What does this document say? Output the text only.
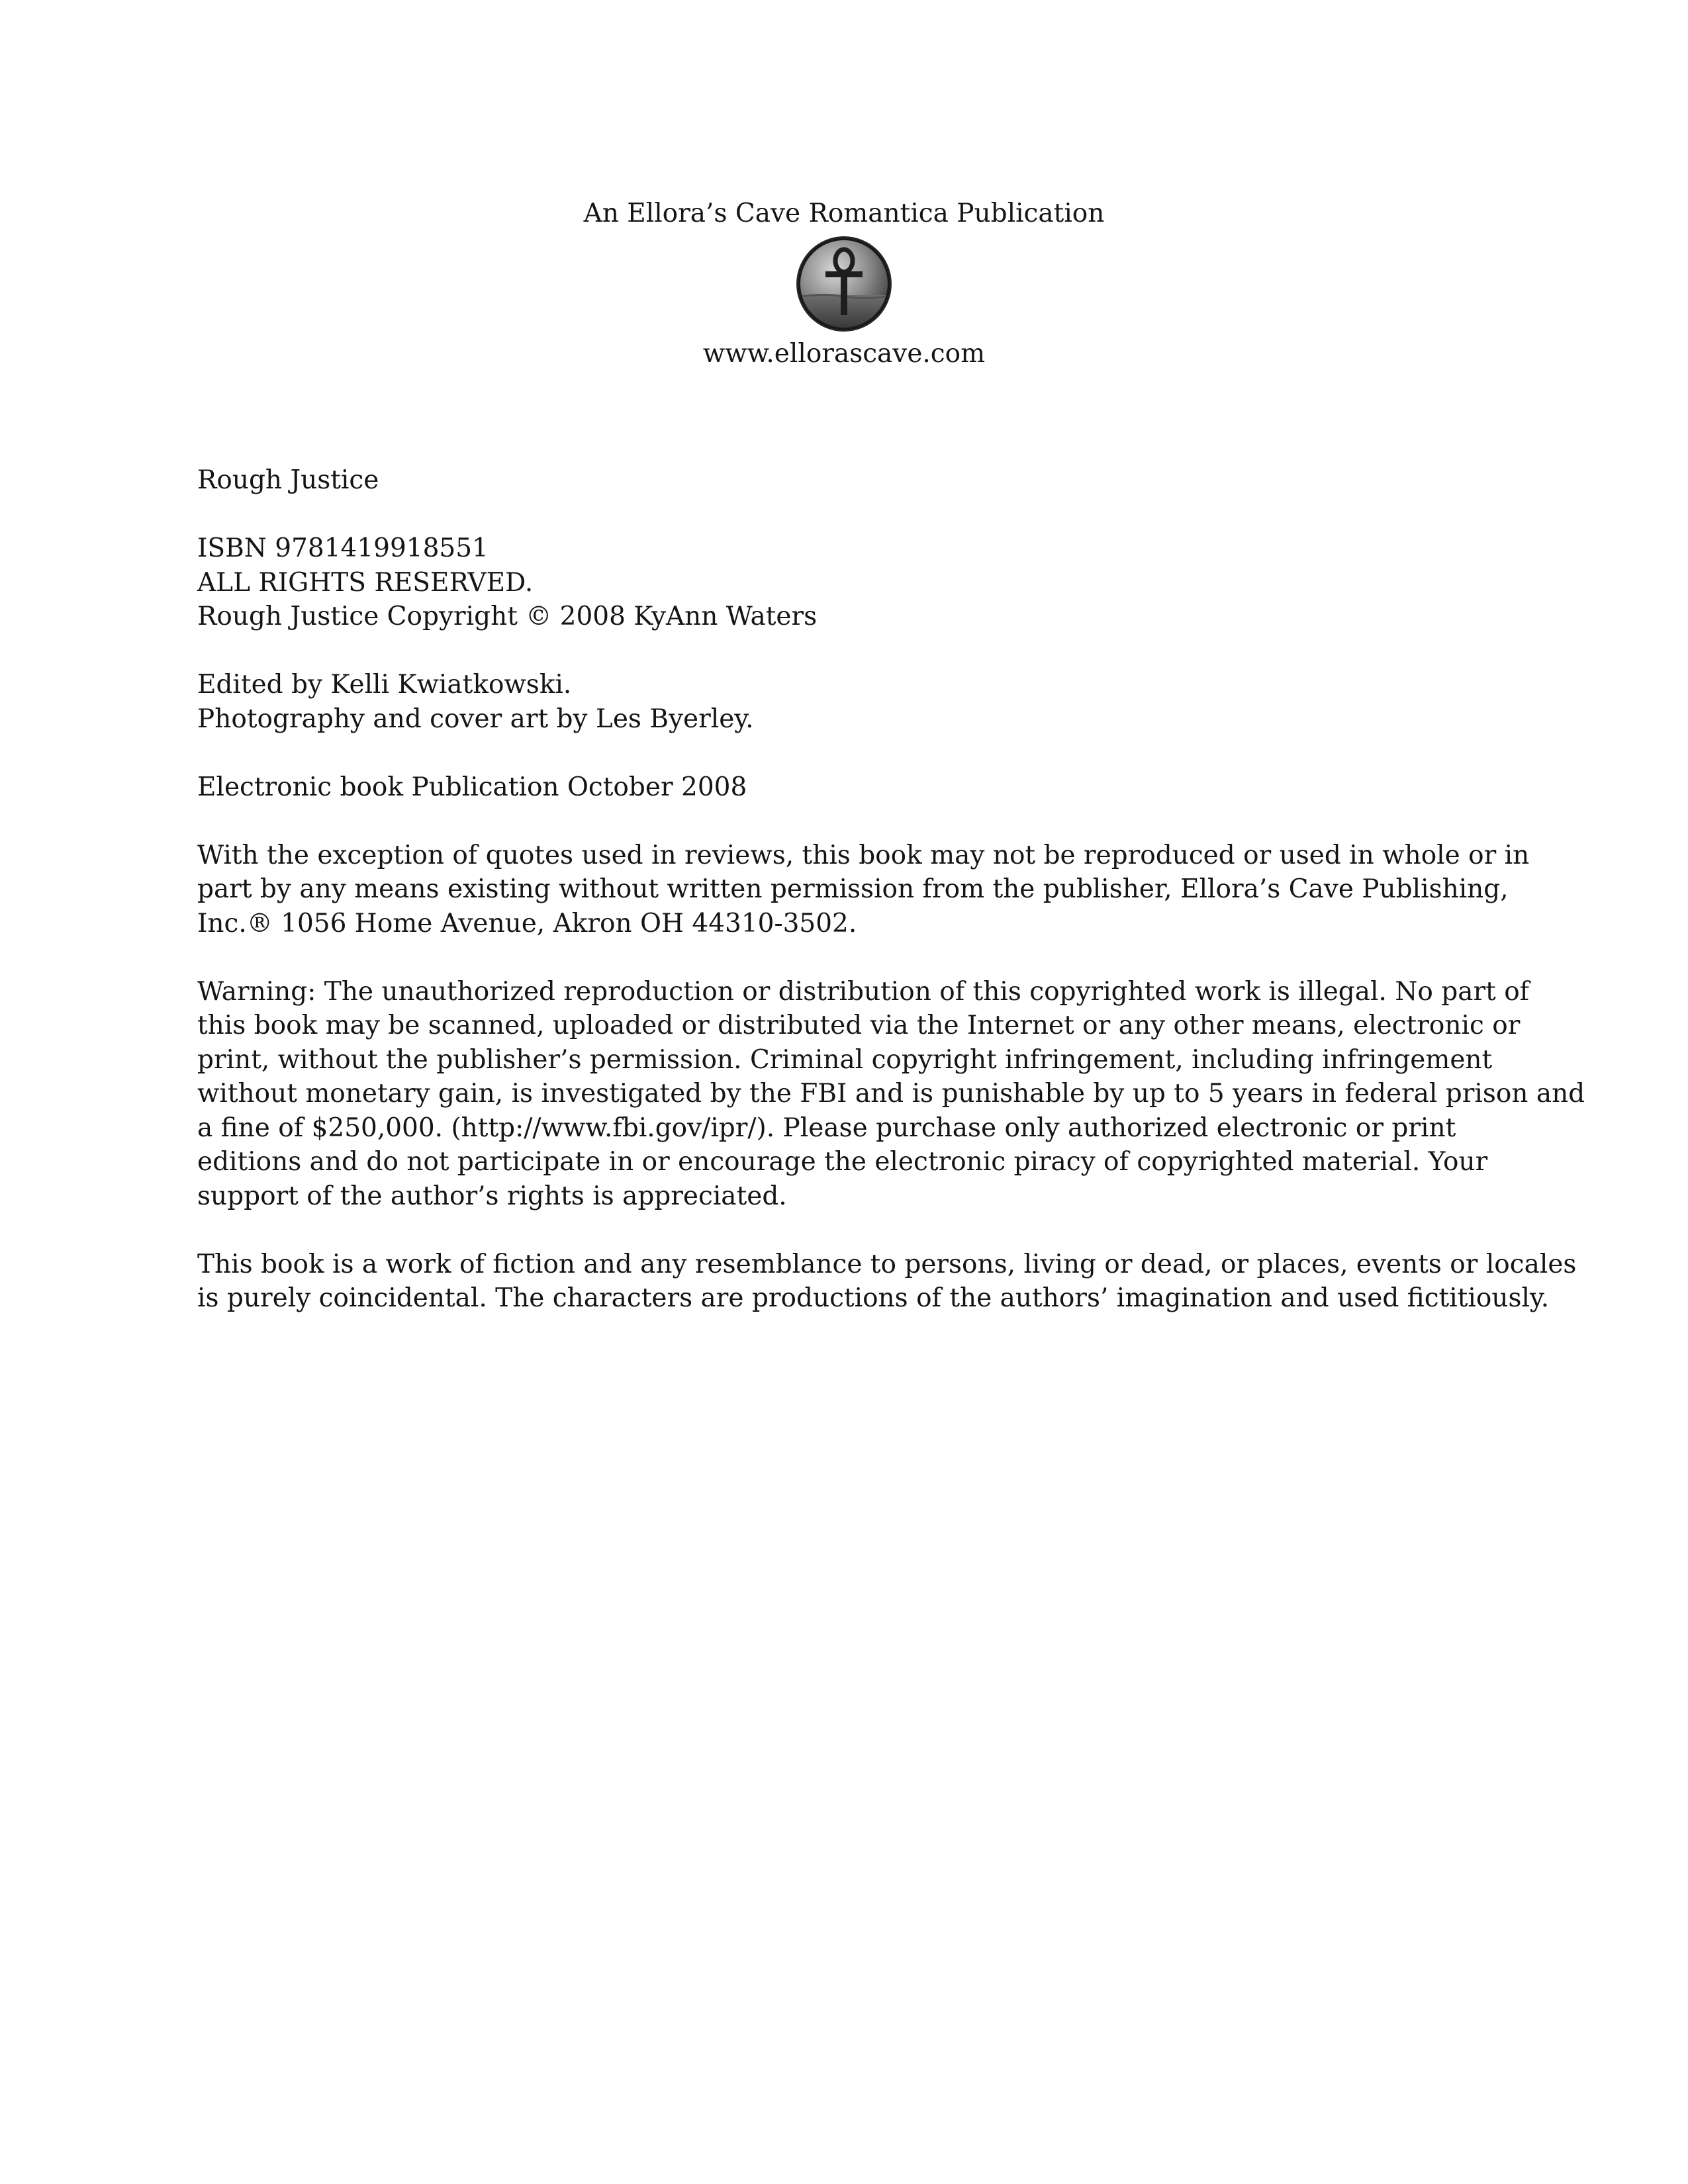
An Ellora’s Cave Romantica Publication
www.ellorascave.com

Rough Justice

ISBN 9781419918551
ALL RIGHTS RESERVED.
Rough Justice Copyright © 2008 KyAnn Waters

Edited by Kelli Kwiatkowski.
Photography and cover art by Les Byerley.

Electronic book Publication October 2008

With the exception of quotes used in reviews, this book may not be reproduced or used in whole or in
part by any means existing without written permission from the publisher, Ellora’s Cave Publishing,
Inc.® 1056 Home Avenue, Akron OH 44310-3502.

Warning: The unauthorized reproduction or distribution of this copyrighted work is illegal. No part of
this book may be scanned, uploaded or distributed via the Internet or any other means, electronic or
print, without the publisher’s permission. Criminal copyright infringement, including infringement
without monetary gain, is investigated by the FBI and is punishable by up to 5 years in federal prison and
a fine of $250,000. (http://www.fbi.gov/ipr/). Please purchase only authorized electronic or print
editions and do not participate in or encourage the electronic piracy of copyrighted material. Your
support of the author’s rights is appreciated.

This book is a work of fiction and any resemblance to persons, living or dead, or places, events or locales
is purely coincidental. The characters are productions of the authors’ imagination and used fictitiously.
